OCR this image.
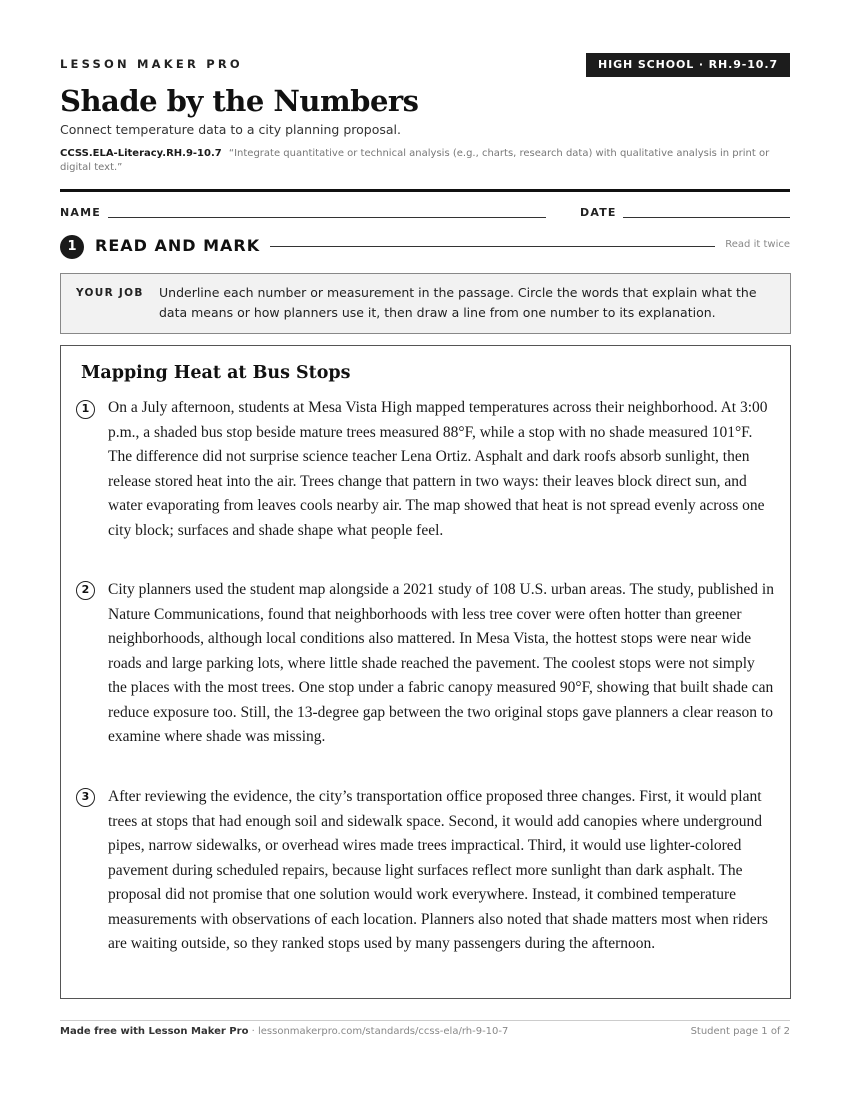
LESSON MAKER PRO	HIGH SCHOOL · RH.9-10.7
Shade by the Numbers
Connect temperature data to a city planning proposal.
CCSS.ELA-Literacy.RH.9-10.7 “Integrate quantitative or technical analysis (e.g., charts, research data) with qualitative analysis in print or digital text.”
NAME	DATE
1	READ AND MARK	Read it twice
YOUR JOB Underline each number or measurement in the passage. Circle the words that explain what the data means or how planners use it, then draw a line from one number to its explanation.
Mapping Heat at Bus Stops
1	On a July afternoon, students at Mesa Vista High mapped temperatures across their neighborhood. At 3:00 p.m., a shaded bus stop beside mature trees measured 88°F, while a stop with no shade measured 101°F. The difference did not surprise science teacher Lena Ortiz. Asphalt and dark roofs absorb sunlight, then release stored heat into the air. Trees change that pattern in two ways: their leaves block direct sun, and water evaporating from leaves cools nearby air. The map showed that heat is not spread evenly across one city block; surfaces and shade shape what people feel.

2	City planners used the student map alongside a 2021 study of 108 U.S. urban areas. The study, published in Nature Communications, found that neighborhoods with less tree cover were often hotter than greener neighborhoods, although local conditions also mattered. In Mesa Vista, the hottest stops were near wide roads and large parking lots, where little shade reached the pavement. The coolest stops were not simply the places with the most trees. One stop under a fabric canopy measured 90°F, showing that built shade can reduce exposure too. Still, the 13-degree gap between the two original stops gave planners a clear reason to examine where shade was missing.

3	After reviewing the evidence, the city’s transportation office proposed three changes. First, it would plant trees at stops that had enough soil and sidewalk space. Second, it would add canopies where underground pipes, narrow sidewalks, or overhead wires made trees impractical. Third, it would use lighter-colored pavement during scheduled repairs, because light surfaces reflect more sunlight than dark asphalt. The proposal did not promise that one solution would work everywhere. Instead, it combined temperature measurements with observations of each location. Planners also noted that shade matters most when riders are waiting outside, so they ranked stops used by many passengers during the afternoon.

Made free with Lesson Maker Pro · lessonmakerpro.com/standards/ccss-ela/rh-9-10-7	Student page 1 of 2
